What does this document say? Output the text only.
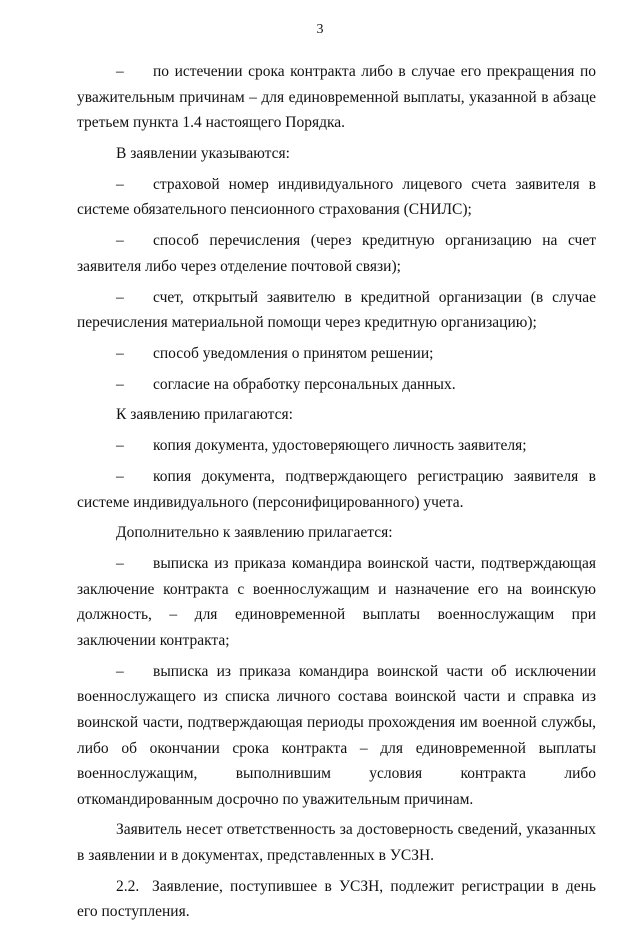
3

– по истечении срока контракта либо в случае его прекращения по уважительным причинам – для единовременной выплаты, указанной в абзаце третьем пункта 1.4 настоящего Порядка.

В заявлении указываются:

– страховой номер индивидуального лицевого счета заявителя в системе обязательного пенсионного страхования (СНИЛС);

– способ перечисления (через кредитную организацию на счет заявителя либо через отделение почтовой связи);

– счет, открытый заявителю в кредитной организации (в случае перечисления материальной помощи через кредитную организацию);

– способ уведомления о принятом решении;

– согласие на обработку персональных данных.

К заявлению прилагаются:

– копия документа, удостоверяющего личность заявителя;

– копия документа, подтверждающего регистрацию заявителя в системе индивидуального (персонифицированного) учета.

Дополнительно к заявлению прилагается:

– выписка из приказа командира воинской части, подтверждающая заключение контракта с военнослужащим и назначение его на воинскую должность, – для единовременной выплаты военнослужащим при заключении контракта;

– выписка из приказа командира воинской части об исключении военнослужащего из списка личного состава воинской части и справка из воинской части, подтверждающая периоды прохождения им военной службы, либо об окончании срока контракта – для единовременной выплаты военнослужащим, выполнившим условия контракта либо откомандированным досрочно по уважительным причинам.

Заявитель несет ответственность за достоверность сведений, указанных в заявлении и в документах, представленных в УСЗН.

2.2. Заявление, поступившее в УСЗН, подлежит регистрации в день его поступления.
